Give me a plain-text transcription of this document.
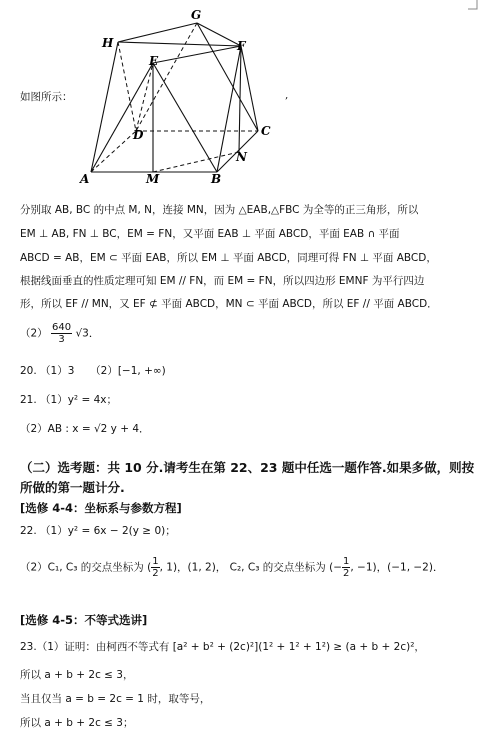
如图所示：	,
G
H	F
E
D	C
N
A	M	B
分别取 AB, BC 的中点 M, N，连接 MN，因为 △EAB,△FBC 为全等的正三角形，所以
EM ⊥ AB, FN ⊥ BC，EM = FN，又平面 EAB ⊥ 平面 ABCD，平面 EAB ∩ 平面
ABCD = AB，EM ⊂ 平面 EAB，所以 EM ⊥ 平面 ABCD，同理可得 FN ⊥ 平面 ABCD，
根据线面垂直的性质定理可知 EM // FN，而 EM = FN，所以四边形 EMNF 为平行四边
形，所以 EF // MN，又 EF ⊄ 平面 ABCD，MN ⊂ 平面 ABCD，所以 EF // 平面 ABCD．
$(2) \frac{640}{3} √3$．
20. （1）3　　（2）[−1, +∞)
21. （1）y² = 4x；
（2）AB : x = √2 y + 4．
（二）选考题：共 10 分.请考生在第 22、23 题中任选一题作答.如果多做，则按
所做的第一题计分.
[选修 4-4：坐标系与参数方程]
22. （1）y² = 6x − 2(y ≥ 0)；
（2）C₁, C₃ 的交点坐标为 ( $\frac{1}{2}$ , 1)，(1, 2)， C₂, C₃ 的交点坐标为 (− $\frac{1}{2}$ , −1)，(−1, −2)．
[选修 4-5：不等式选讲]
23.（1）证明：由柯西不等式有 [a² + b² + (2c)²](1² + 1² + 1²) ≥ (a + b + 2c)²，
所以 a + b + 2c ≤ 3，
当且仅当 a = b = 2c = 1 时，取等号，
所以 a + b + 2c ≤ 3；
